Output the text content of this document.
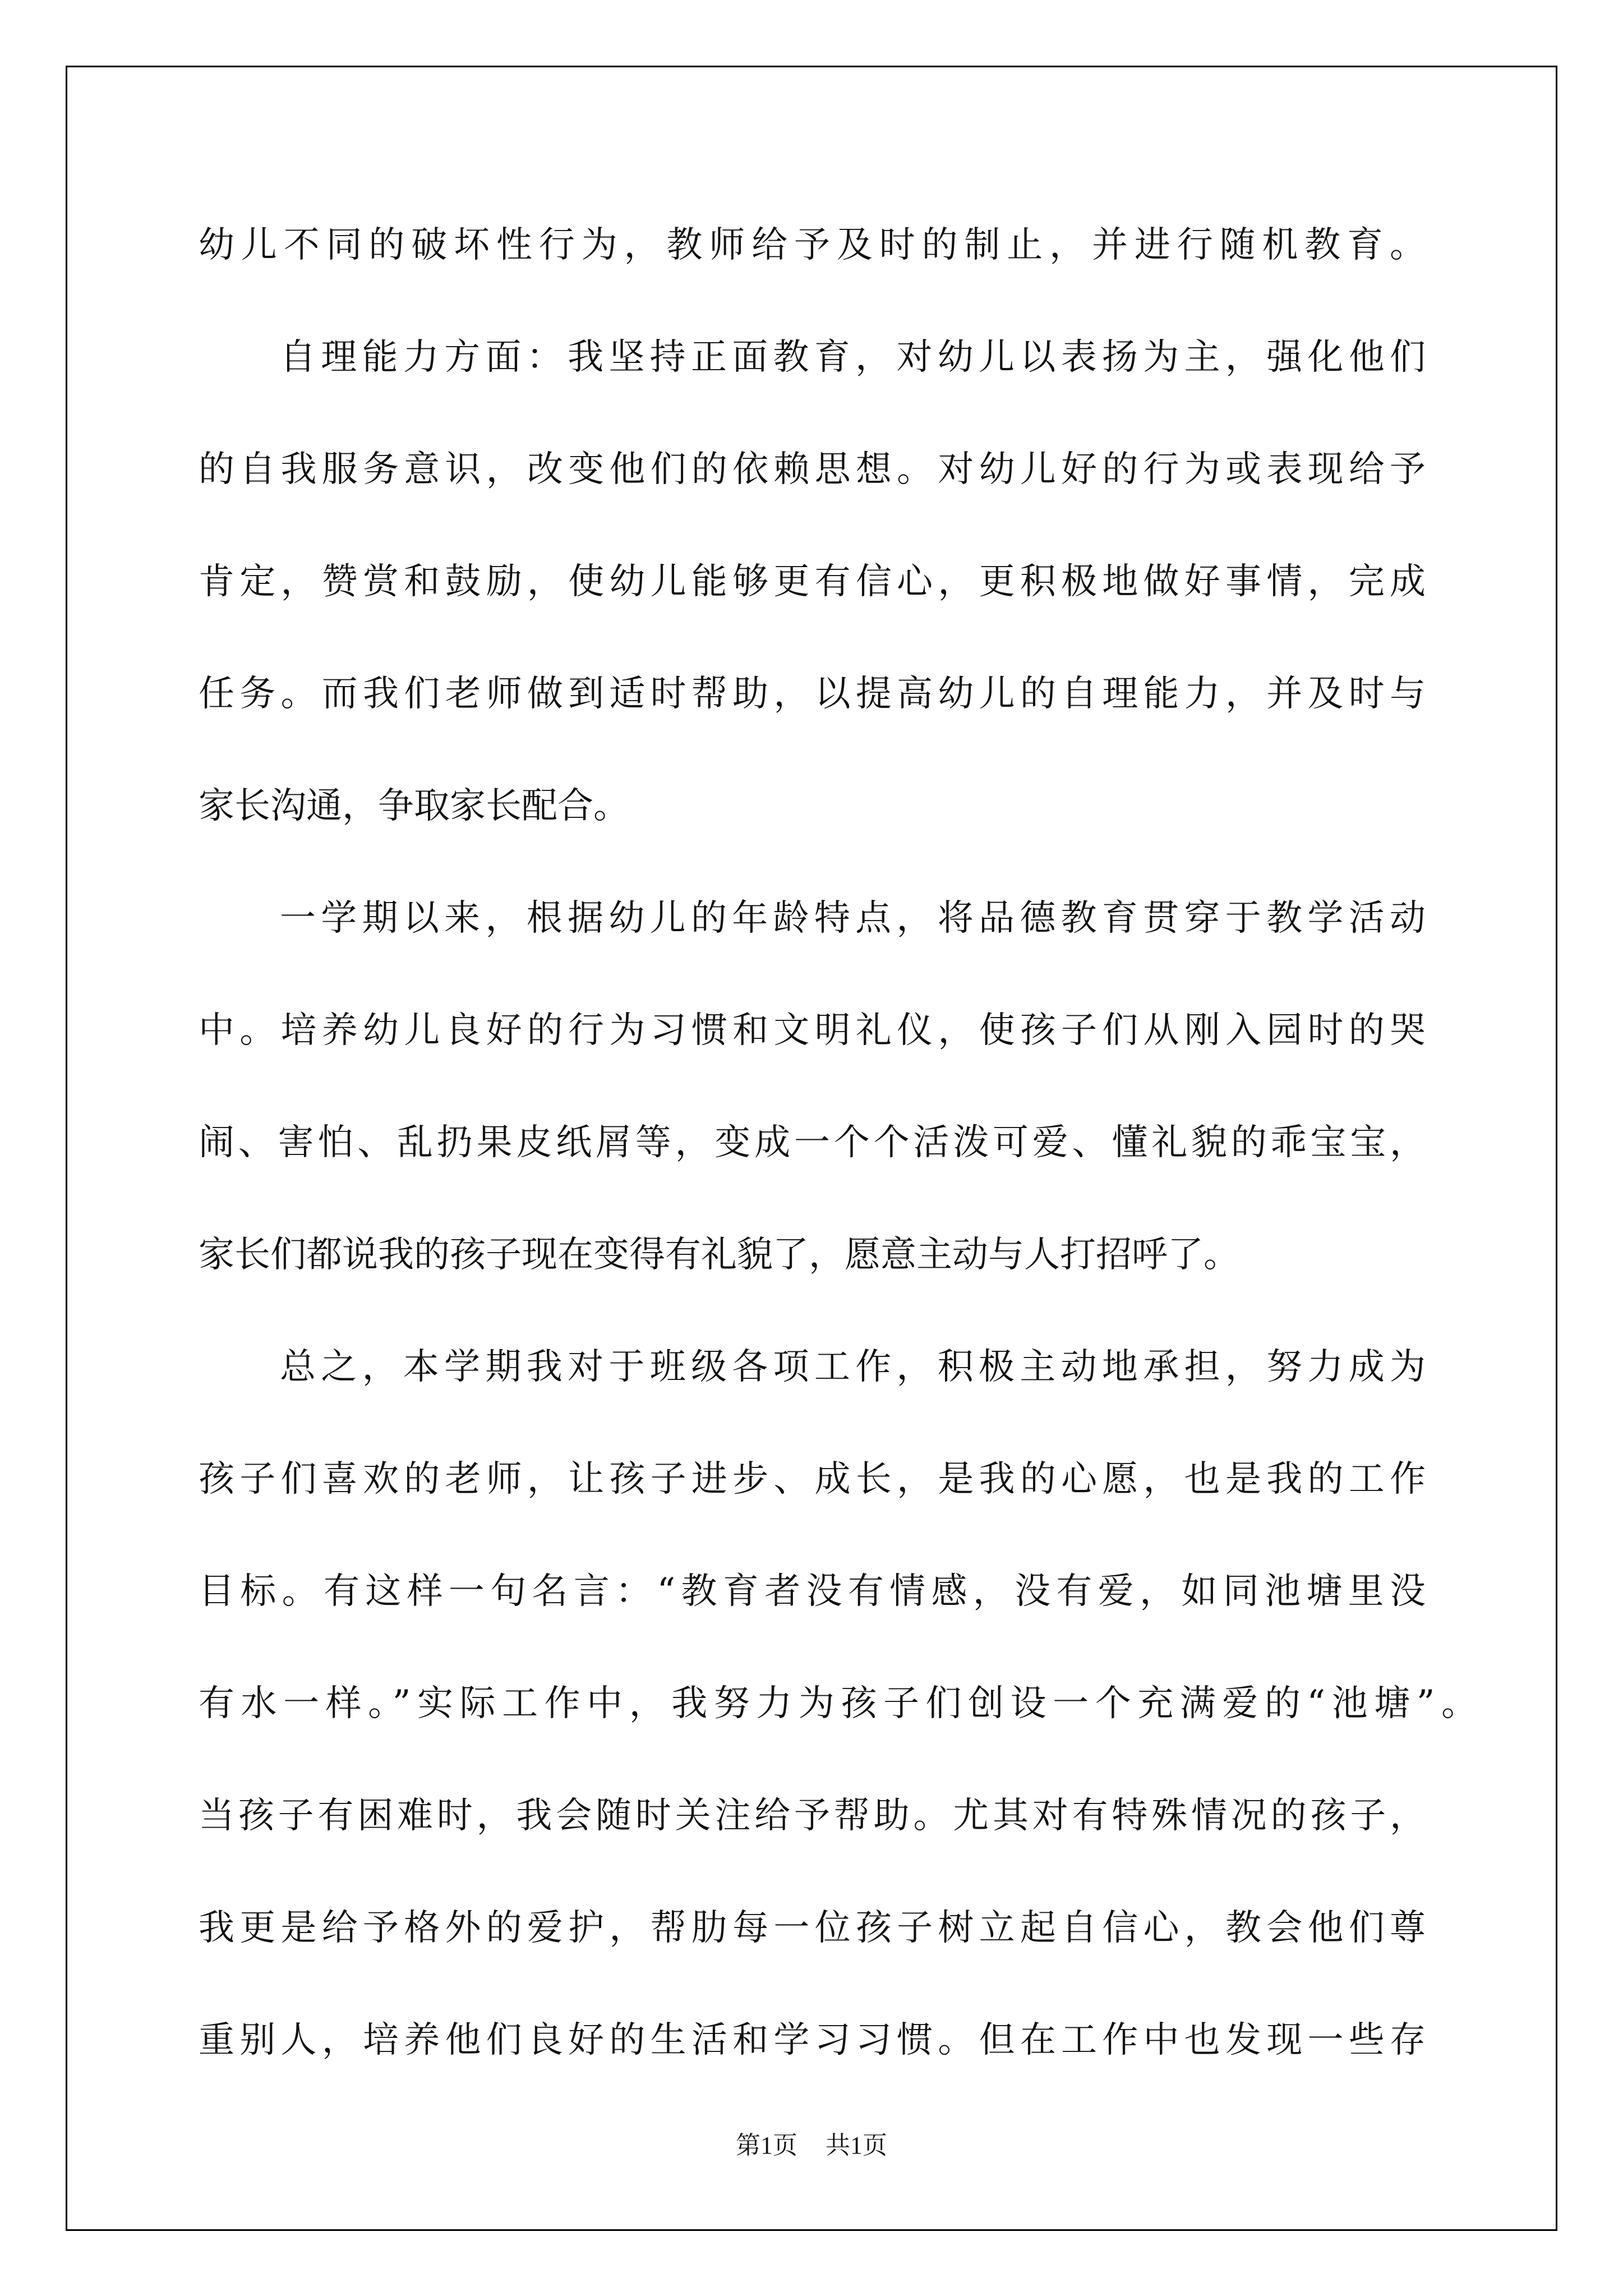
幼儿不同的破坏性行为，教师给予及时的制止，并进行随机教育。
自理能力方面：我坚持正面教育，对幼儿以表扬为主，强化他们
的自我服务意识，改变他们的依赖思想。对幼儿好的行为或表现给予
肯定，赞赏和鼓励，使幼儿能够更有信心，更积极地做好事情，完成
任务。而我们老师做到适时帮助，以提高幼儿的自理能力，并及时与
家长沟通，争取家长配合。
一学期以来，根据幼儿的年龄特点，将品德教育贯穿于教学活动
中。培养幼儿良好的行为习惯和文明礼仪，使孩子们从刚入园时的哭
闹、害怕、乱扔果皮纸屑等，变成一个个活泼可爱、懂礼貌的乖宝宝，
家长们都说我的孩子现在变得有礼貌了，愿意主动与人打招呼了。
总之，本学期我对于班级各项工作，积极主动地承担，努力成为
孩子们喜欢的老师，让孩子进步、成长，是我的心愿，也是我的工作
目标。有这样一句名言：“教育者没有情感，没有爱，如同池塘里没
有水一样。”实际工作中，我努力为孩子们创设一个充满爱的“池塘”。
当孩子有困难时，我会随时关注给予帮助。尤其对有特殊情况的孩子，
我更是给予格外的爱护，帮肋每一位孩子树立起自信心，教会他们尊
重别人，培养他们良好的生活和学习习惯。但在工作中也发现一些存
第1页 共1页
